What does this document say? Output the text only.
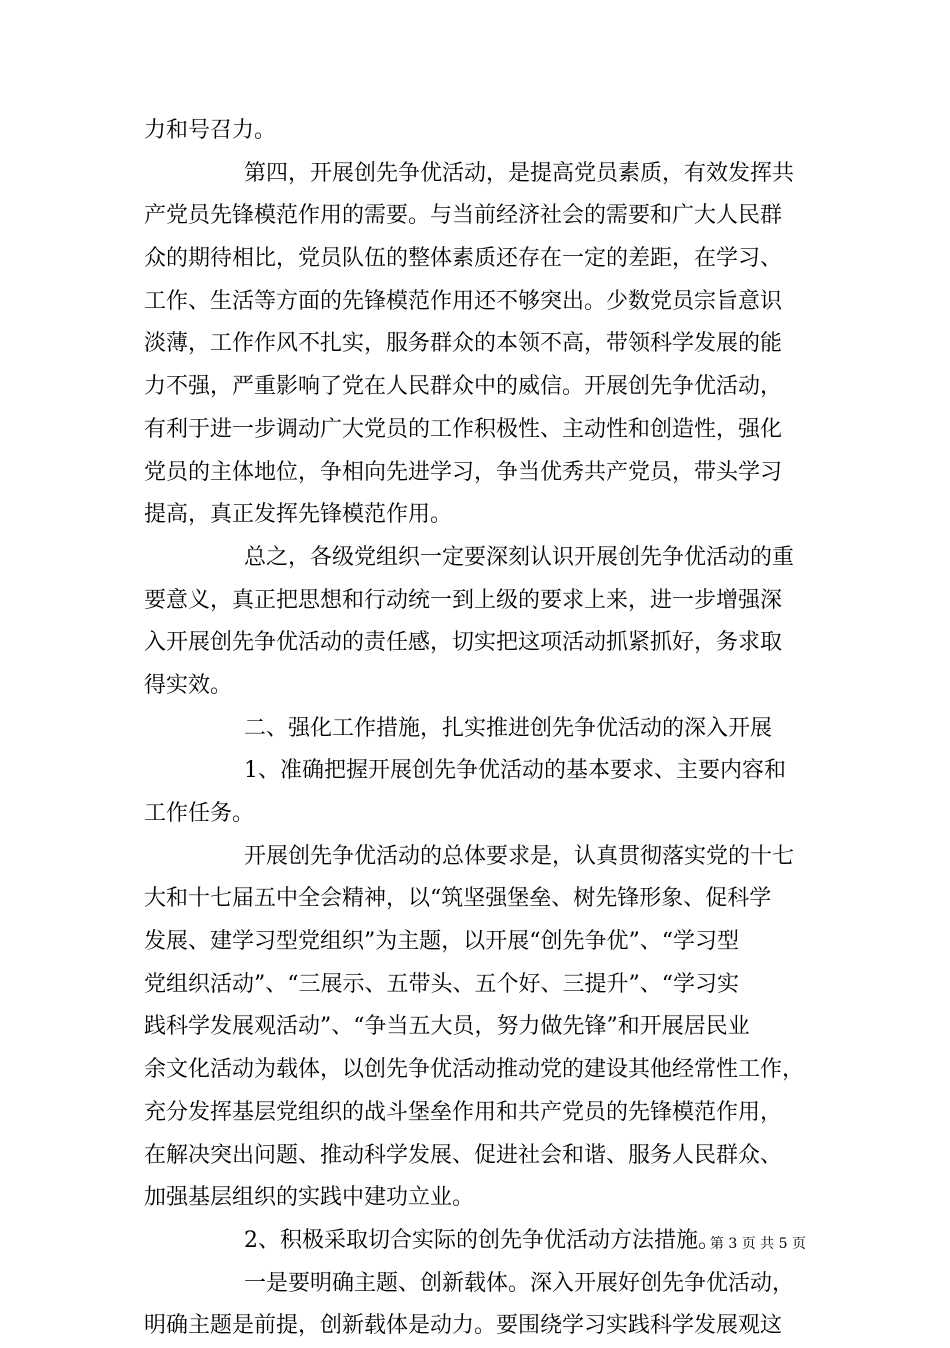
力和号召力。
第四，开展创先争优活动，是提高党员素质，有效发挥共
产党员先锋模范作用的需要。与当前经济社会的需要和广大人民群
众的期待相比，党员队伍的整体素质还存在一定的差距，在学习、
工作、生活等方面的先锋模范作用还不够突出。少数党员宗旨意识
淡薄，工作作风不扎实，服务群众的本领不高，带领科学发展的能
力不强，严重影响了党在人民群众中的威信。开展创先争优活动，
有利于进一步调动广大党员的工作积极性、主动性和创造性，强化
党员的主体地位，争相向先进学习，争当优秀共产党员，带头学习
提高，真正发挥先锋模范作用。
总之，各级党组织一定要深刻认识开展创先争优活动的重
要意义，真正把思想和行动统一到上级的要求上来，进一步增强深
入开展创先争优活动的责任感，切实把这项活动抓紧抓好，务求取
得实效。
二、强化工作措施，扎实推进创先争优活动的深入开展
1、准确把握开展创先争优活动的基本要求、主要内容和
工作任务。
开展创先争优活动的总体要求是，认真贯彻落实党的十七
大和十七届五中全会精神，以“筑坚强堡垒、树先锋形象、促科学
发展、建学习型党组织”为主题，以开展“创先争优”、“学习型
党组织活动”、“三展示、五带头、五个好、三提升”、“学习实
践科学发展观活动”、“争当五大员，努力做先锋”和开展居民业
余文化活动为载体，以创先争优活动推动党的建设其他经常性工作，
充分发挥基层党组织的战斗堡垒作用和共产党员的先锋模范作用，
在解决突出问题、推动科学发展、促进社会和谐、服务人民群众、
加强基层组织的实践中建功立业。
2、积极采取切合实际的创先争优活动方法措施。
一是要明确主题、创新载体。深入开展好创先争优活动，
明确主题是前提，创新载体是动力。要围绕学习实践科学发展观这
第 3 页 共 5 页
